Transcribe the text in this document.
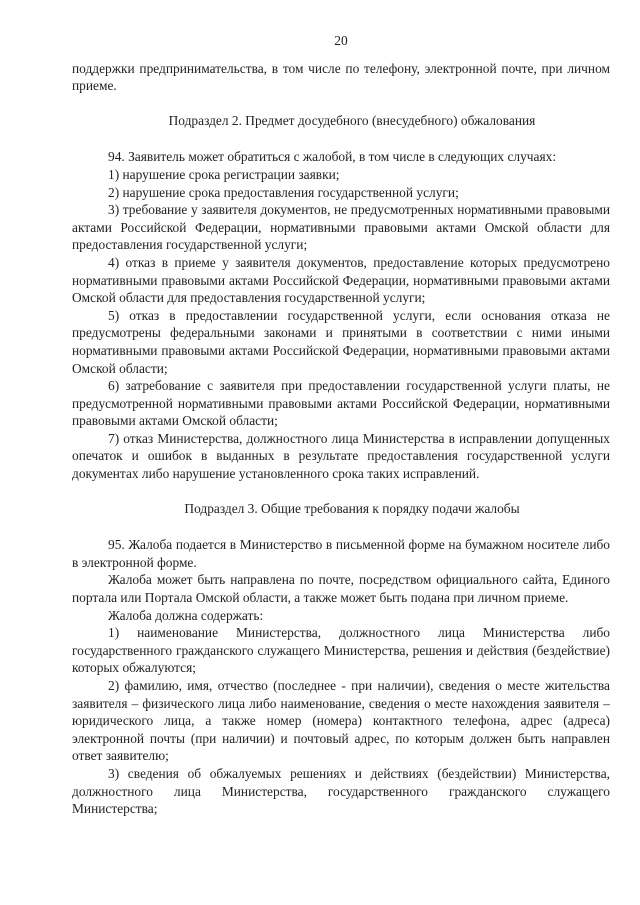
20

поддержки предпринимательства, в том числе по телефону, электронной почте, при личном приеме.

Подраздел 2. Предмет досудебного (внесудебного) обжалования

94. Заявитель может обратиться с жалобой, в том числе в следующих случаях:

1) нарушение срока регистрации заявки;

2) нарушение срока предоставления государственной услуги;

3) требование у заявителя документов, не предусмотренных нормативными правовыми актами Российской Федерации, нормативными правовыми актами Омской области для предоставления государственной услуги;

4) отказ в приеме у заявителя документов, предоставление которых предусмотрено нормативными правовыми актами Российской Федерации, нормативными правовыми актами Омской области для предоставления государственной услуги;

5) отказ в предоставлении государственной услуги, если основания отказа не предусмотрены федеральными законами и принятыми в соответствии с ними иными нормативными правовыми актами Российской Федерации, нормативными правовыми актами Омской области;

6) затребование с заявителя при предоставлении государственной услуги платы, не предусмотренной нормативными правовыми актами Российской Федерации, нормативными правовыми актами Омской области;

7) отказ Министерства, должностного лица Министерства в исправлении допущенных опечаток и ошибок в выданных в результате предоставления государственной услуги документах либо нарушение установленного срока таких исправлений.

Подраздел 3. Общие требования к порядку подачи жалобы

95. Жалоба подается в Министерство в письменной форме на бумажном носителе либо в электронной форме.

Жалоба может быть направлена по почте, посредством официального сайта, Единого портала или Портала Омской области, а также может быть подана при личном приеме.

Жалоба должна содержать:

1) наименование Министерства, должностного лица Министерства либо государственного гражданского служащего Министерства, решения и действия (бездействие) которых обжалуются;

2) фамилию, имя, отчество (последнее - при наличии), сведения о месте жительства заявителя – физического лица либо наименование, сведения о месте нахождения заявителя – юридического лица, а также номер (номера) контактного телефона, адрес (адреса) электронной почты (при наличии) и почтовый адрес, по которым должен быть направлен ответ заявителю;

3) сведения об обжалуемых решениях и действиях (бездействии) Министерства, должностного лица Министерства, государственного гражданского служащего Министерства;
